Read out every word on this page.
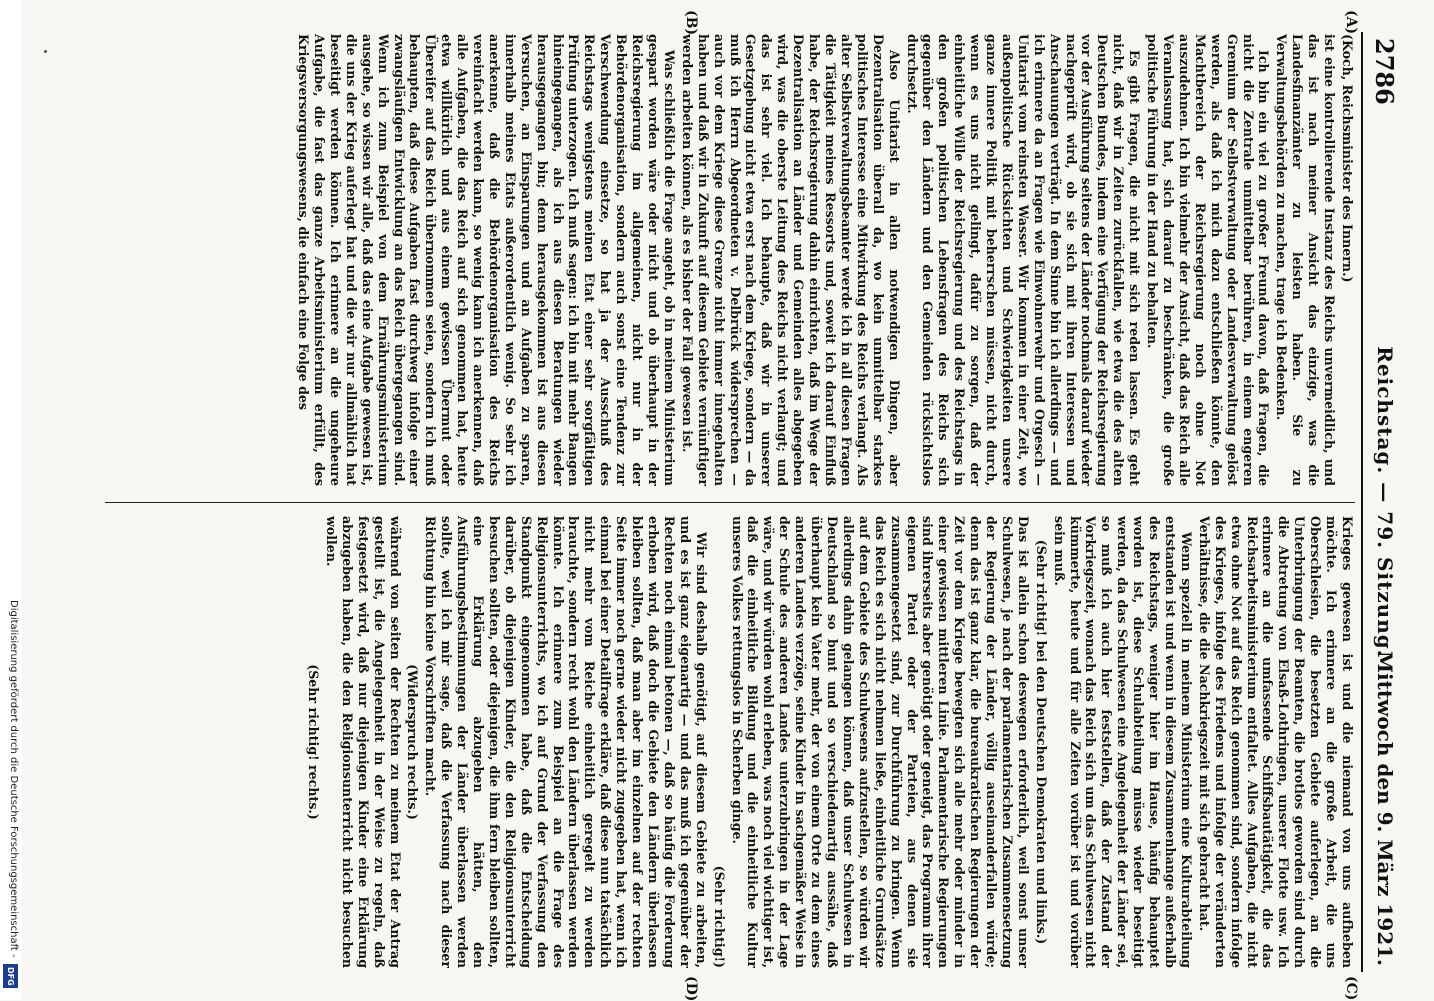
Digitalisierung gefördert durch die Deutsche Forschungsgemeinschaft -
DFG
2786
Reichstag. — 79. Sitzung.
Mittwoch den 9. März 1921.
(A)
(B)
(C)
(D)

(Koch, Reichsminister des Innern.)

ist eine kontrollierende Instanz des Reichs unvermeidlich, und das ist nach meiner Ansicht das einzige, was die Landesfinanzämter zu leisten haben. Sie zu Verwaltungsbehörden zu machen, trage ich Bedenken.

Ich bin ein viel zu großer Freund davon, daß Fragen, die nicht die Zentrale unmittelbar berühren, in einem engeren Gremium der Selbstverwaltung oder Landesverwaltung gelöst werden, als daß ich mich dazu entschließen könnte, den Machtbereich der Reichsregierung noch ohne Not auszudehnen. Ich bin vielmehr der Ansicht, daß das Reich alle Veranlassung hat, sich darauf zu beschränken, die große politische Führung in der Hand zu behalten.

Es gibt Fragen, die nicht mit sich reden lassen. Es geht nicht, daß wir in Zeiten zurückfallen, wie etwa die des alten Deutschen Bundes, indem eine Verfügung der Reichsregierung vor der Ausführung seitens der Länder nochmals darauf wieder nachgeprüft wird, ob sie sich mit ihren Interessen und Anschauungen verträgt. In dem Sinne bin ich allerdings — und ich erinnere da an Fragen wie Einwohnerwehr und Orgesch — Unitarist vom reinsten Wasser. Wir kommen in einer Zeit, wo außenpolitische Rücksichten und Schwierigkeiten unsere ganze innere Politik mit beherrschen müssen, nicht durch, wenn es uns nicht gelingt, dafür zu sorgen, daß der einheitliche Wille der Reichsregierung und des Reichstags in den großen politischen Lebensfragen des Reichs sich gegenüber den Ländern und den Gemeinden rücksichtslos durchsetzt.

Also Unitarist in allen notwendigen Dingen, aber Dezentralisation überall da, wo kein unmittelbar starkes politisches Interesse eine Mitwirkung des Reichs verlangt. Als alter Selbstverwaltungsbeamter werde ich in all diesen Fragen die Tätigkeit meines Ressorts und, soweit ich darauf Einfluß habe, der Reichsregierung dahin einrichten, daß im Wege der Dezentralisation an Länder und Gemeinden alles abgegeben wird, was die oberste Leitung des Reichs nicht verlangt; und das ist sehr viel. Ich behaupte, daß wir in unserer Gesetzgebung nicht etwa erst nach dem Kriege, sondern — da muß ich Herrn Abgeordneten v. Delbrück widersprechen — auch vor dem Kriege diese Grenze nicht immer innegehalten haben und daß wir in Zukunft auf diesem Gebiete vernünftiger werden arbeiten können, als es bisher der Fall gewesen ist.

Was schließlich die Frage angeht, ob in meinem Ministerium gespart worden wäre oder nicht und ob überhaupt in der Reichsregierung im allgemeinen, nicht nur in der Behördenorganisation, sondern auch sonst eine Tendenz zur Verschwendung einsetze, so hat ja der Ausschuß des Reichstags wenigstens meinen Etat einer sehr sorgfältigen Prüfung unterzogen. Ich muß sagen: ich bin mit mehr Bangen hineingegangen, als ich aus diesen Beratungen wieder herausgegangen bin; denn herausgekommen ist aus diesen Versuchen, an Einsparungen und an Aufgaben zu sparen, innerhalb meines Etats außerordentlich wenig. So sehr ich anerkenne, daß die Behördenorganisation des Reichs vereinfacht werden kann, so wenig kann ich anerkennen, daß alle Aufgaben, die das Reich auf sich genommen hat, heute etwa willkürlich und aus einem gewissen Übermut oder Übereifer auf das Reich übernommen seien, sondern ich muß behaupten, daß diese Aufgaben fast durchweg infolge einer zwangsläufigen Entwicklung an das Reich übergegangen sind. Wenn ich zum Beispiel von dem Ernährungsministerium ausgehe, so wissen wir alle, daß das eine Aufgabe gewesen ist, die uns der Krieg auferlegt hat und die wir nur allmählich hat beseitigt werden können. Ich erinnere an die ungeheure Aufgabe, die fast das ganze Arbeitsministerium erfüllt, des Kriegsversorgungswesens, die einfach eine Folge des

Krieges gewesen ist und die niemand von uns aufheben möchte. Ich erinnere an die große Arbeit, die uns Oberschlesien, die besetzten Gebiete auferlegen, an die Unterbringung der Beamten, die brotlos geworden sind durch die Abtretung von Elsaß-Lothringen, unserer Flotte usw. Ich erinnere an die umfassende Schiffsbautätigkeit, die das Reichsarbeitsministerium entfaltet. Alles Aufgaben, die nicht etwa ohne Not auf das Reich genommen sind, sondern infolge des Krieges, infolge des Friedens und infolge der veränderten Verhältnisse, die die Nachkriegszeit mit sich gebracht hat.

Wenn speziell in meinem Ministerium eine Kulturabteilung entstanden ist und wenn in diesem Zusammenhange außerhalb des Reichstags, weniger hier im Hause, häufig behauptet worden ist, diese Schulabteilung müsse wieder beseitigt werden, da das Schulwesen eine Angelegenheit der Länder sei, so muß ich auch hier feststellen, daß der Zustand der Vorkriegszeit, wonach das Reich sich um das Schulwesen nicht kümmerte, heute und für alle Zeiten vorüber ist und vorüber sein muß.

(Sehr richtig! bei den Deutschen Demokraten und links.)

Das ist allein schon deswegen erforderlich, weil sonst unser Schulwesen, je nach der parlamentarischen Zusammensetzung der Regierung der Länder, völlig auseinanderfallen würde; denn das ist ganz klar, die bureaukratischen Regierungen der Zeit vor dem Kriege bewegten sich alle mehr oder minder in einer gewissen mittleren Linie. Parlamentarische Regierungen sind ihrerseits aber genötigt oder geneigt, das Programm ihrer eigenen Partei oder der Parteien, aus denen sie zusammengesetzt sind, zur Durchführung zu bringen. Wenn das Reich es sich nicht nehmen ließe, einheitliche Grundsätze auf dem Gebiete des Schulwesens aufzustellen, so würden wir allerdings dahin gelangen können, daß unser Schulwesen in Deutschland so bunt und so verschiedenartig aussähe, daß überhaupt kein Vater mehr, der von einem Orte zu dem eines anderen Landes verzöge, seine Kinder in sachgemäßer Weise in der Schule des anderen Landes unterzubringen in der Lage wäre, und wir würden wohl erleben, was noch viel wichtiger ist, daß die einheitliche Bildung und die einheitliche Kultur unseres Volkes rettungslos in Scherben ginge.

(Sehr richtig!)

Wir sind deshalb genötigt, auf diesem Gebiete zu arbeiten, und es ist ganz eigenartig — und das muß ich gegenüber der Rechten noch einmal betonen —, daß so häufig die Forderung erhoben wird, daß doch die Gebiete den Ländern überlassen bleiben sollten, daß man aber im einzelnen auf der rechten Seite immer noch gerne wieder nicht zugegeben hat, wenn ich einmal bei einer Detailfrage erkläre, daß diese nun tatsächlich nicht mehr vom Reiche einheitlich geregelt zu werden brauchte, sondern recht wohl den Ländern überlassen werden könnte. Ich erinnere zum Beispiel an die Frage des Religionsunterrichts, wo ich auf Grund der Verfassung den Standpunkt eingenommen habe, daß die Entscheidung darüber, ob diejenigen Kinder, die den Religionsunterricht besuchen sollten, oder diejenigen, die ihm fern bleiben sollten, eine Erklärung abzugeben hätten, den Ausführungsbestimmungen der Länder überlassen werden sollte, weil ich mir sage, daß die Verfassung nach dieser Richtung hin keine Vorschriften macht.

(Widerspruch rechts.)

während von seiten der Rechten zu meinem Etat der Antrag gestellt ist, die Angelegenheit in der Weise zu regeln, daß festgesetzt wird, daß nur diejenigen Kinder eine Erklärung abzugeben haben, die den Religionsunterricht nicht besuchen wollen.

(Sehr richtig! rechts.)
